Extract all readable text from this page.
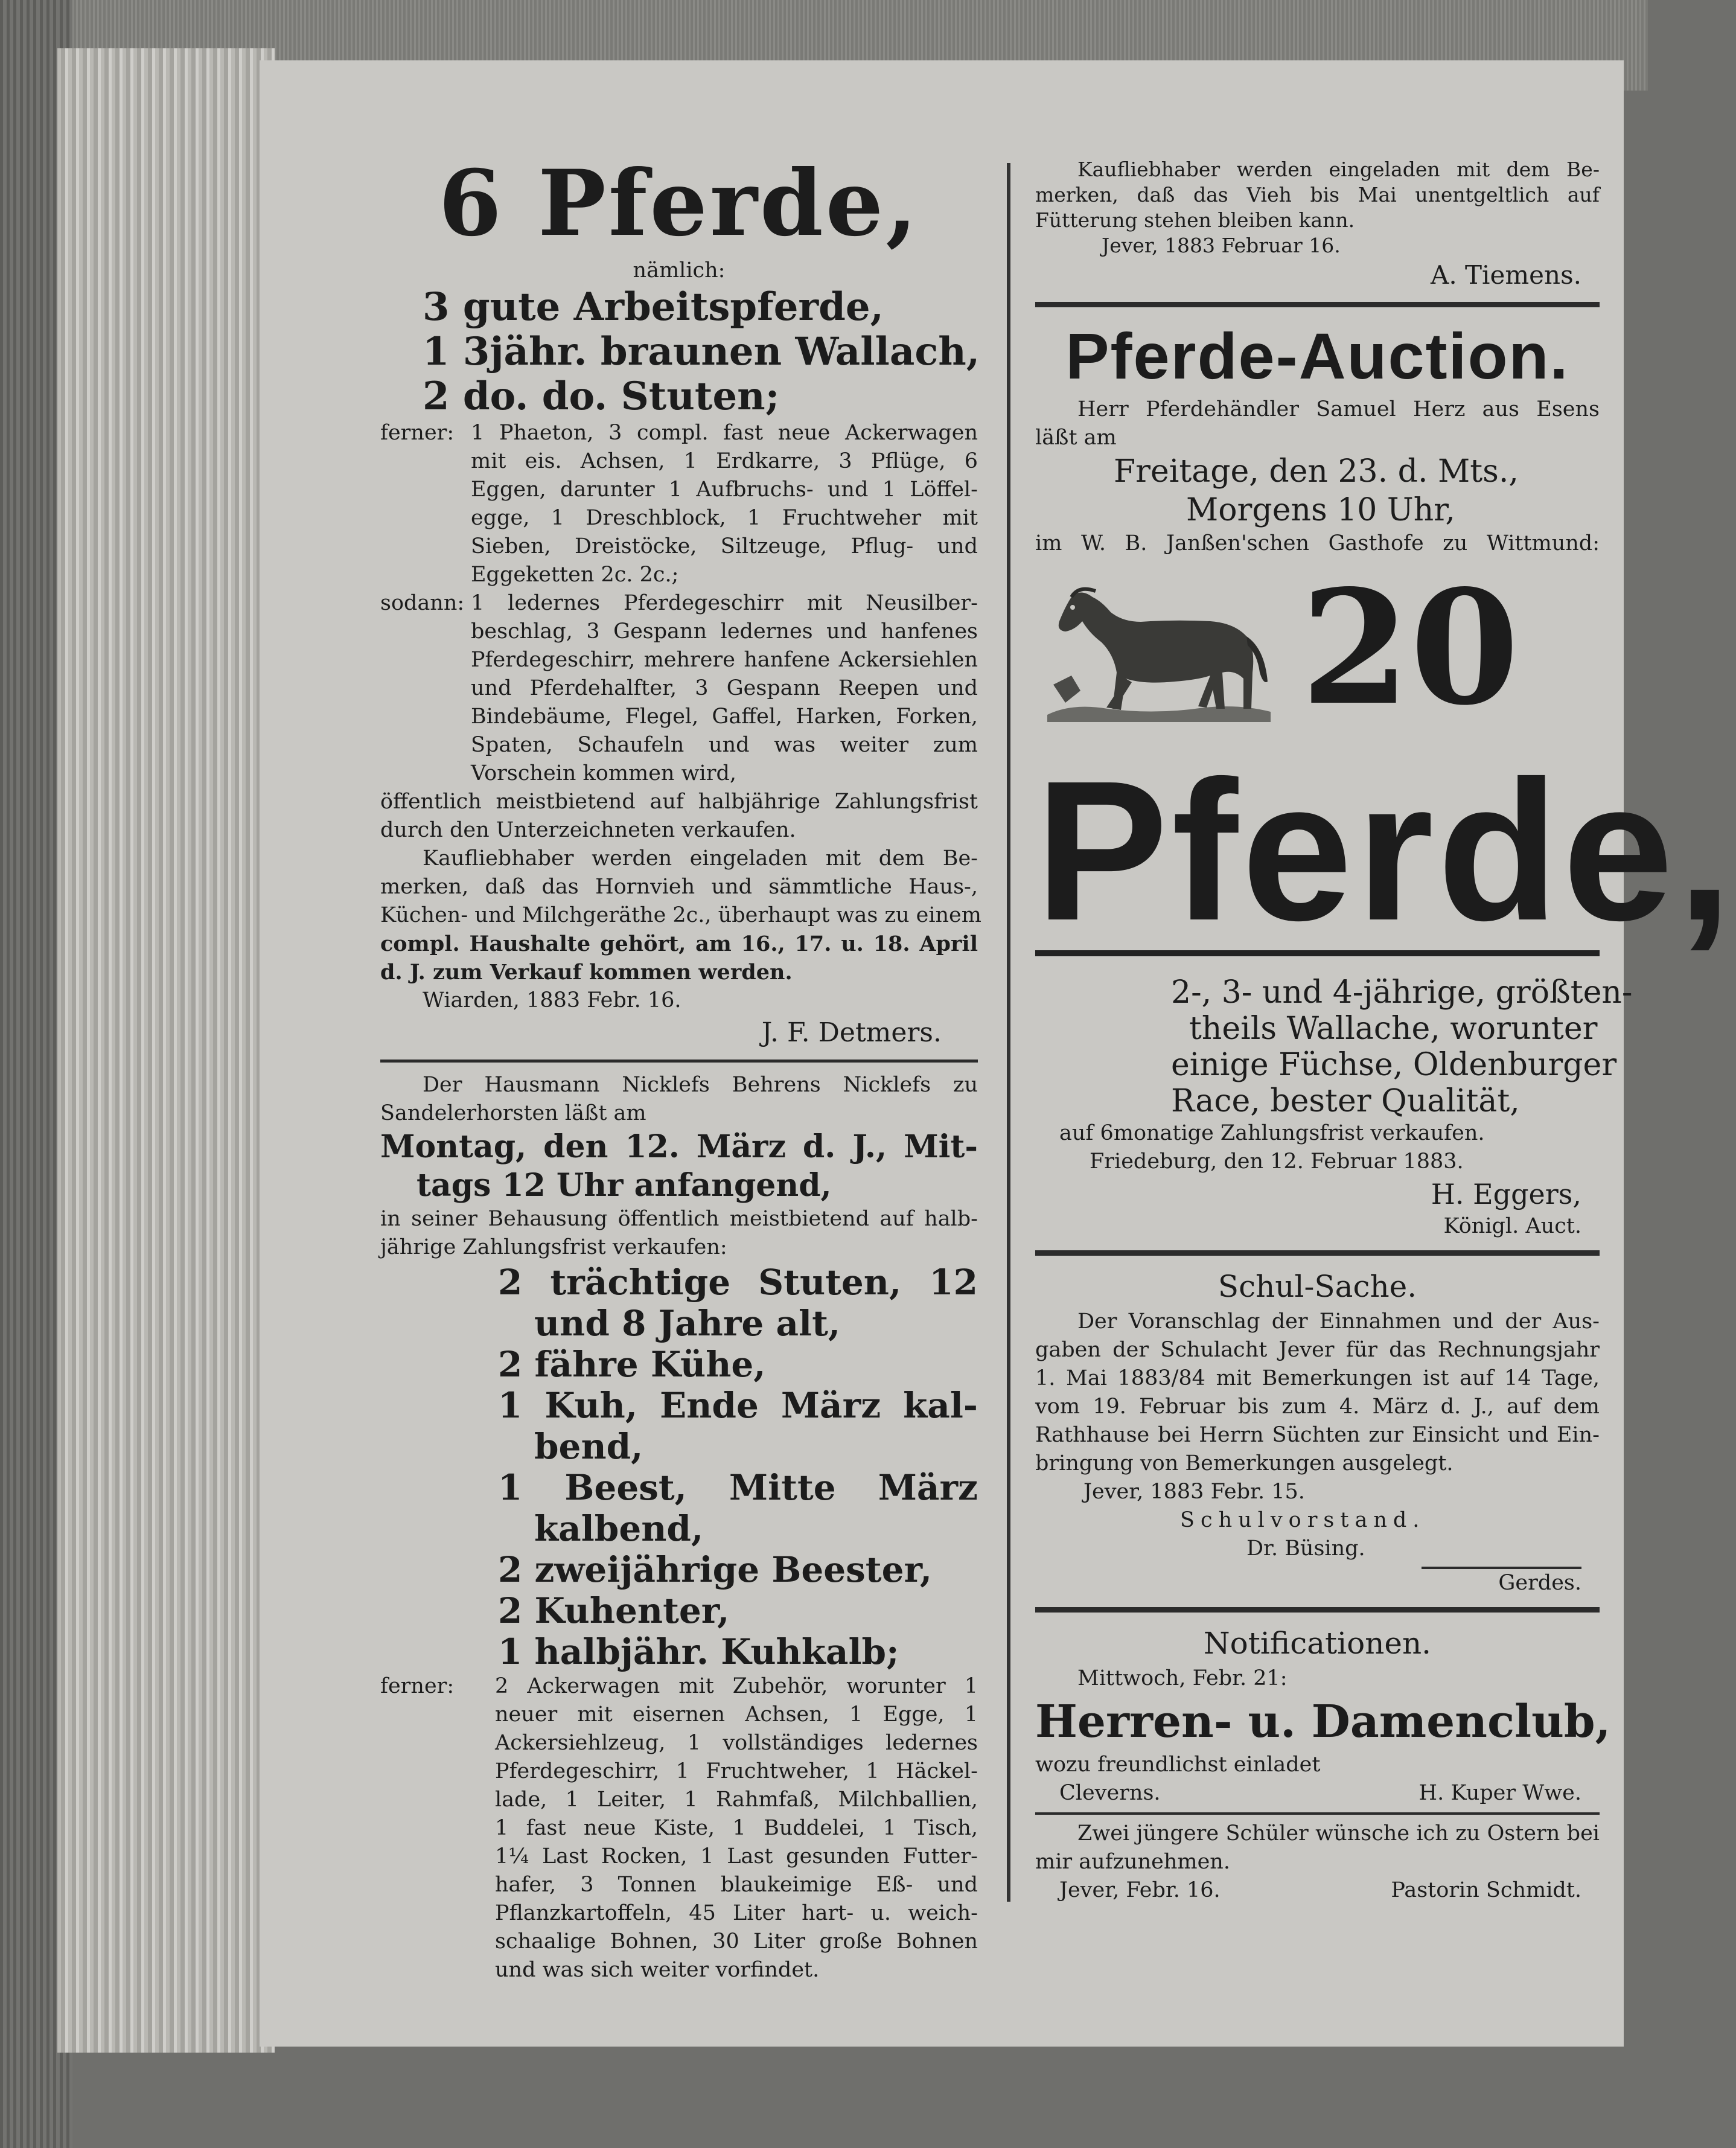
6 Pferde,
nämlich:
3 gute Arbeitspferde,
1 3jähr. braunen Wallach,
2 do. do. Stuten;
ferner: 1 Phaeton, 3 compl. fast neue Ackerwagen
mit eis. Achsen, 1 Erdkarre, 3 Pflüge, 6
Eggen, darunter 1 Aufbruchs- und 1 Löffel-
egge, 1 Dreschblock, 1 Fruchtweher mit
Sieben, Dreistöcke, Siltzeuge, Pflug- und
Eggeketten 2c. 2c.;
sodann: 1 ledernes Pferdegeschirr mit Neusilber-
beschlag, 3 Gespann ledernes und hanfenes
Pferdegeschirr, mehrere hanfene Ackersiehlen
und Pferdehalfter, 3 Gespann Reepen und
Bindebäume, Flegel, Gaffel, Harken, Forken,
Spaten, Schaufeln und was weiter zum
Vorschein kommen wird,
öffentlich meistbietend auf halbjährige Zahlungsfrist
durch den Unterzeichneten verkaufen.
Kaufliebhaber werden eingeladen mit dem Be-
merken, daß das Hornvieh und sämmtliche Haus-,
Küchen- und Milchgeräthe 2c., überhaupt was zu einem
compl. Haushalte gehört, am 16., 17. u. 18. April
d. J. zum Verkauf kommen werden.
Wiarden, 1883 Febr. 16.
J. F. Detmers.
Der Hausmann Nicklefs Behrens Nicklefs zu
Sandelerhorsten läßt am
Montag, den 12. März d. J., Mit-
tags 12 Uhr anfangend,
in seiner Behausung öffentlich meistbietend auf halb-
jährige Zahlungsfrist verkaufen:
2 trächtige Stuten, 12
und 8 Jahre alt,
2 fähre Kühe,
1 Kuh, Ende März kal-
bend,
1 Beest, Mitte März
kalbend,
2 zweijährige Beester,
2 Kuhenter,
1 halbjähr. Kuhkalb;
ferner:	2 Ackerwagen mit Zubehör, worunter 1
neuer mit eisernen Achsen, 1 Egge, 1
Ackersiehlzeug, 1 vollständiges ledernes
Pferdegeschirr, 1 Fruchtweher, 1 Häckel-
lade, 1 Leiter, 1 Rahmfaß, Milchballien,
1 fast neue Kiste, 1 Buddelei, 1 Tisch,
1¼ Last Rocken, 1 Last gesunden Futter-
hafer, 3 Tonnen blaukeimige Eß- und
Pflanzkartoffeln, 45 Liter hart- u. weich-
schaalige Bohnen, 30 Liter große Bohnen
und was sich weiter vorfindet.
Kaufliebhaber werden eingeladen mit dem Be-
merken, daß das Vieh bis Mai unentgeltlich auf
Fütterung stehen bleiben kann.
Jever, 1883 Februar 16.
A. Tiemens.
Pferde-Auction.
Herr Pferdehändler Samuel Herz aus Esens
läßt am
Freitage, den 23. d. Mts.,
Morgens 10 Uhr,
im W. B. Janßen'schen Gasthofe zu Wittmund:
20
Pferde,
2-, 3- und 4-jährige, größten-
theils Wallache, worunter
einige Füchse, Oldenburger
Race, bester Qualität,
auf 6monatige Zahlungsfrist verkaufen.
Friedeburg, den 12. Februar 1883.
H. Eggers,
Königl. Auct.
Schul-Sache.
Der Voranschlag der Einnahmen und der Aus-
gaben der Schulacht Jever für das Rechnungsjahr
1. Mai 1883/84 mit Bemerkungen ist auf 14 Tage,
vom 19. Februar bis zum 4. März d. J., auf dem
Rathhause bei Herrn Süchten zur Einsicht und Ein-
bringung von Bemerkungen ausgelegt.
Jever, 1883 Febr. 15.
Schulvorstand.
Dr. Büsing.
Gerdes.
Notificationen.
Mittwoch, Febr. 21:
Herren- u. Damenclub,
wozu freundlichst einladet
Cleverns.	H. Kuper Wwe.
Zwei jüngere Schüler wünsche ich zu Ostern bei
mir aufzunehmen.
Jever, Febr. 16.	Pastorin Schmidt.
